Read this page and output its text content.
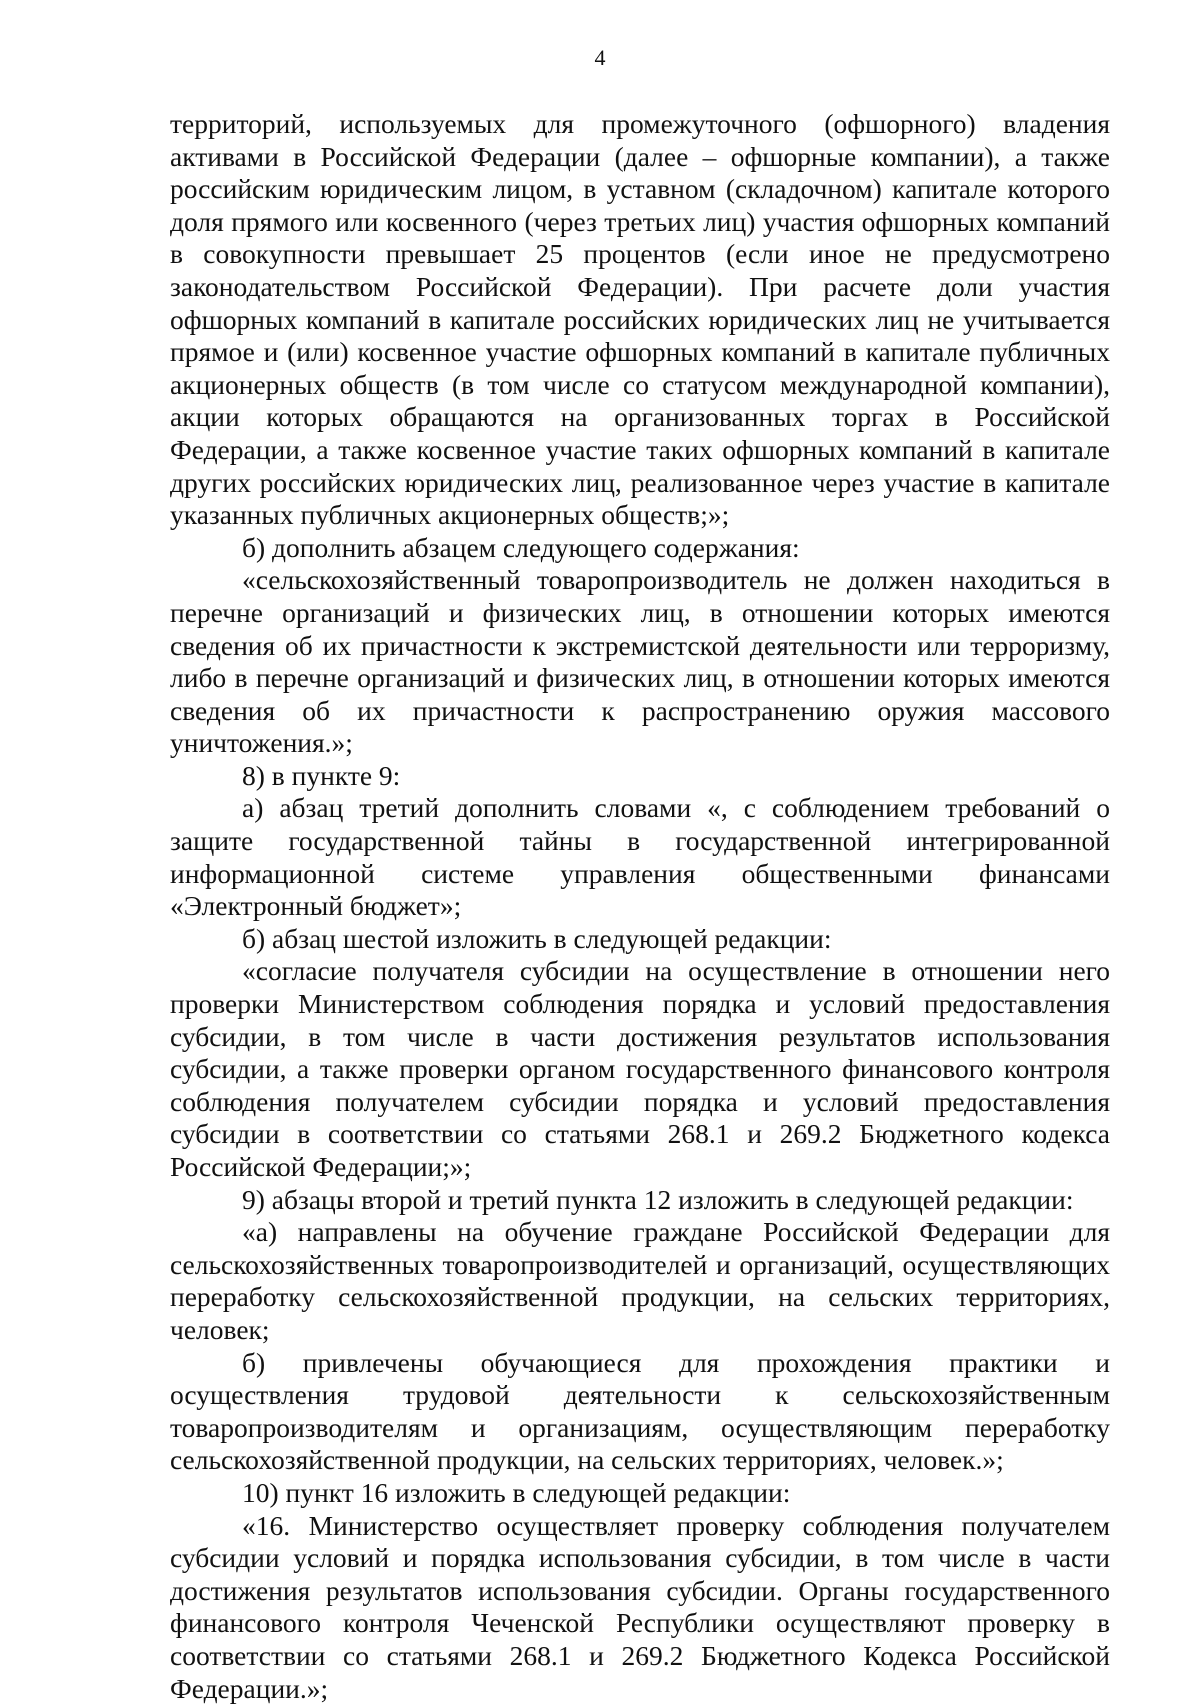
4

территорий, используемых для промежуточного (офшорного) владения активами в Российской Федерации (далее – офшорные компании), а также российским юридическим лицом, в уставном (складочном) капитале которого доля прямого или косвенного (через третьих лиц) участия офшорных компаний в совокупности превышает 25 процентов (если иное не предусмотрено законодательством Российской Федерации). При расчете доли участия офшорных компаний в капитале российских юридических лиц не учитывается прямое и (или) косвенное участие офшорных компаний в капитале публичных акционерных обществ (в том числе со статусом международной компании), акции которых обращаются на организованных торгах в Российской Федерации, а также косвенное участие таких офшорных компаний в капитале других российских юридических лиц, реализованное через участие в капитале указанных публичных акционерных обществ;»;

б) дополнить абзацем следующего содержания:

«сельскохозяйственный товаропроизводитель не должен находиться в перечне организаций и физических лиц, в отношении которых имеются сведения об их причастности к экстремистской деятельности или терроризму, либо в перечне организаций и физических лиц, в отношении которых имеются сведения об их причастности к распространению оружия массового уничтожения.»;

8) в пункте 9:

а) абзац третий дополнить словами «, с соблюдением требований о защите государственной тайны в государственной интегрированной информационной системе управления общественными финансами «Электронный бюджет»;

б) абзац шестой изложить в следующей редакции:

«согласие получателя субсидии на осуществление в отношении него проверки Министерством соблюдения порядка и условий предоставления субсидии, в том числе в части достижения результатов использования субсидии, а также проверки органом государственного финансового контроля соблюдения получателем субсидии порядка и условий предоставления субсидии в соответствии со статьями 268.1 и 269.2 Бюджетного кодекса Российской Федерации;»;

9) абзацы второй и третий пункта 12 изложить в следующей редакции:

«а) направлены на обучение граждане Российской Федерации для сельскохозяйственных товаропроизводителей и организаций, осуществляющих переработку сельскохозяйственной продукции, на сельских территориях, человек;

б) привлечены обучающиеся для прохождения практики и осуществления трудовой деятельности к сельскохозяйственным товаропроизводителям и организациям, осуществляющим переработку сельскохозяйственной продукции, на сельских территориях, человек.»;

10) пункт 16 изложить в следующей редакции:

«16. Министерство осуществляет проверку соблюдения получателем субсидии условий и порядка использования субсидии, в том числе в части достижения результатов использования субсидии. Органы государственного финансового контроля Чеченской Республики осуществляют проверку в соответствии со статьями 268.1 и 269.2 Бюджетного Кодекса Российской Федерации.»;
